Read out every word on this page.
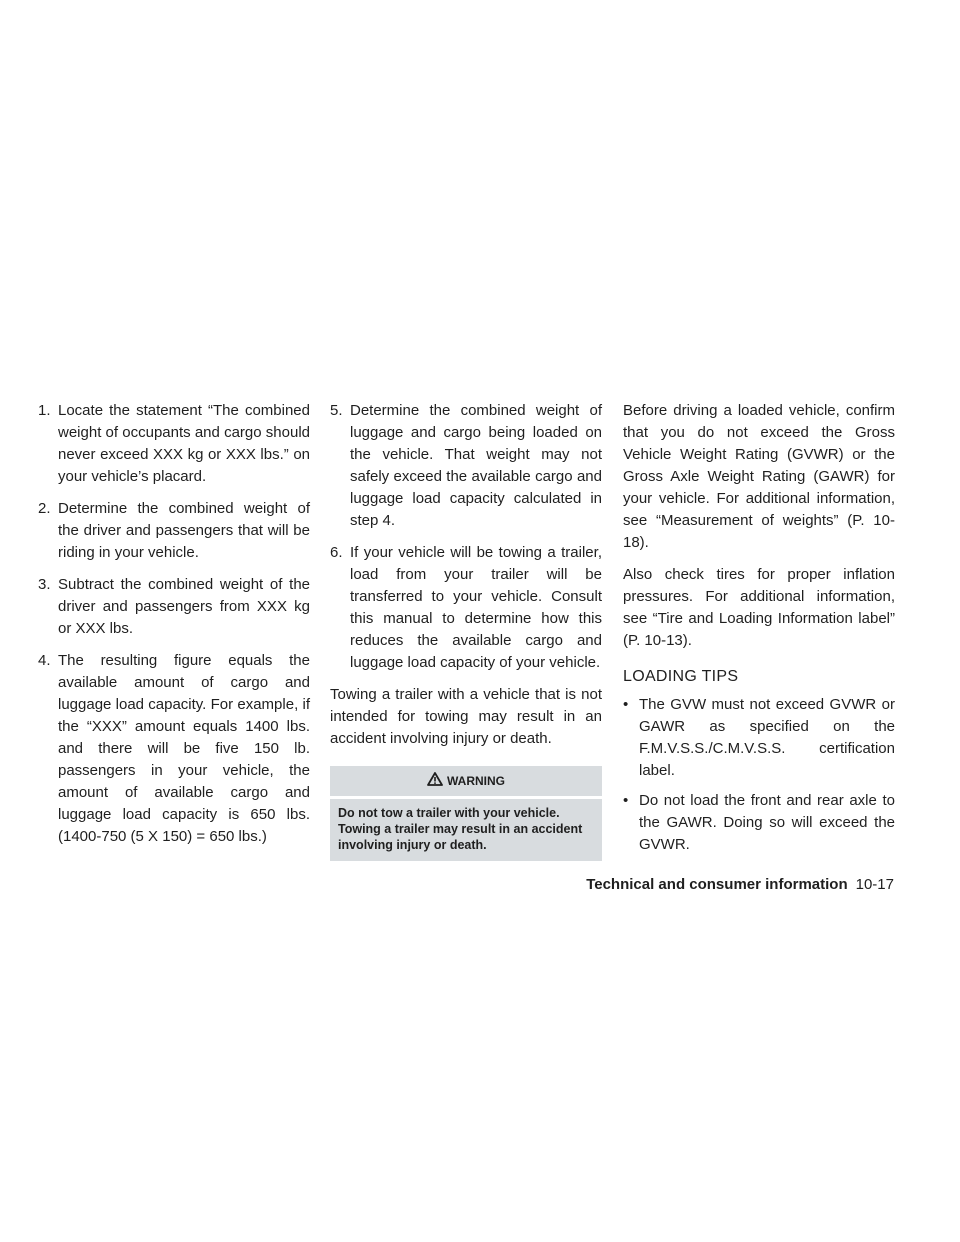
1. Locate the statement “The combined weight of occupants and cargo should never exceed XXX kg or XXX lbs.” on your vehicle’s placard.
2. Determine the combined weight of the driver and passengers that will be riding in your vehicle.
3. Subtract the combined weight of the driver and passengers from XXX kg or XXX lbs.
4. The resulting figure equals the available amount of cargo and luggage load capacity. For example, if the “XXX” amount equals 1400 lbs. and there will be five 150 lb. passengers in your vehicle, the amount of available cargo and luggage load capacity is 650 lbs. (1400-750 (5 X 150) = 650 lbs.)
5. Determine the combined weight of luggage and cargo being loaded on the vehicle. That weight may not safely exceed the available cargo and luggage load capacity calculated in step 4.
6. If your vehicle will be towing a trailer, load from your trailer will be transferred to your vehicle. Consult this manual to determine how this reduces the available cargo and luggage load capacity of your vehicle.

Towing a trailer with a vehicle that is not intended for towing may result in an accident involving injury or death.

WARNING
Do not tow a trailer with your vehicle. Towing a trailer may result in an accident involving injury or death.

Before driving a loaded vehicle, confirm that you do not exceed the Gross Vehicle Weight Rating (GVWR) or the Gross Axle Weight Rating (GAWR) for your vehicle. For additional information, see “Measurement of weights” (P. 10-18).

Also check tires for proper inflation pressures. For additional information, see “Tire and Loading Information label” (P. 10-13).

LOADING TIPS
• The GVW must not exceed GVWR or GAWR as specified on the F.M.V.S.S./C.M.V.S.S. certification label.
• Do not load the front and rear axle to the GAWR. Doing so will exceed the GVWR.
Technical and consumer information 10-17
